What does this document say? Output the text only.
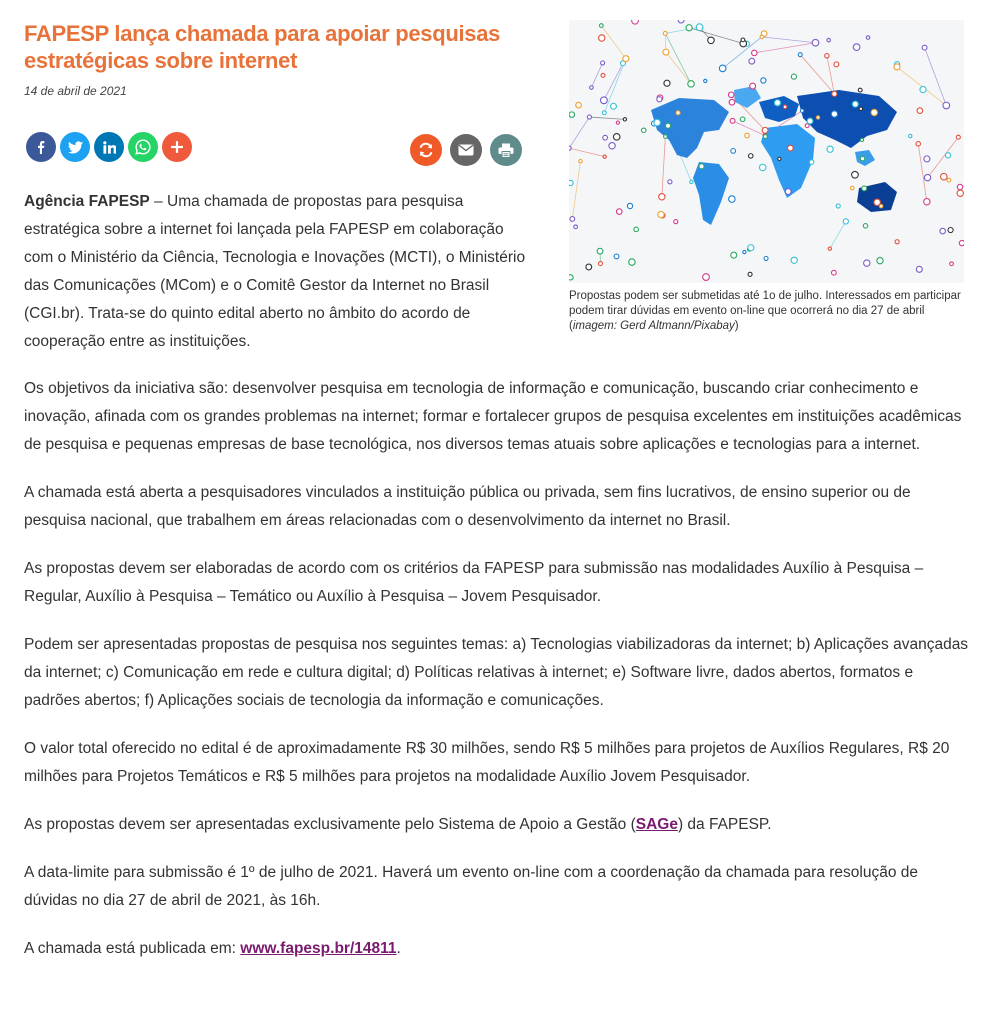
FAPESP lança chamada para apoiar pesquisas estratégicas sobre internet
14 de abril de 2021

Agência FAPESP – Uma chamada de propostas para pesquisa estratégica sobre a internet foi lançada pela FAPESP em colaboração com o Ministério da Ciência, Tecnologia e Inovações (MCTI), o Ministério das Comunicações (MCom) e o Comitê Gestor da Internet no Brasil (CGI.br). Trata-se do quinto edital aberto no âmbito do acordo de cooperação entre as instituições.

Propostas podem ser submetidas até 1o de julho. Interessados em participar podem tirar dúvidas em evento on-line que ocorrerá no dia 27 de abril (imagem: Gerd Altmann/Pixabay)

Os objetivos da iniciativa são: desenvolver pesquisa em tecnologia de informação e comunicação, buscando criar conhecimento e inovação, afinada com os grandes problemas na internet; formar e fortalecer grupos de pesquisa excelentes em instituições acadêmicas de pesquisa e pequenas empresas de base tecnológica, nos diversos temas atuais sobre aplicações e tecnologias para a internet.

A chamada está aberta a pesquisadores vinculados a instituição pública ou privada, sem fins lucrativos, de ensino superior ou de pesquisa nacional, que trabalhem em áreas relacionadas com o desenvolvimento da internet no Brasil.

As propostas devem ser elaboradas de acordo com os critérios da FAPESP para submissão nas modalidades Auxílio à Pesquisa – Regular, Auxílio à Pesquisa – Temático ou Auxílio à Pesquisa – Jovem Pesquisador.

Podem ser apresentadas propostas de pesquisa nos seguintes temas: a) Tecnologias viabilizadoras da internet; b) Aplicações avançadas da internet; c) Comunicação em rede e cultura digital; d) Políticas relativas à internet; e) Software livre, dados abertos, formatos e padrões abertos; f) Aplicações sociais de tecnologia da informação e comunicações.

O valor total oferecido no edital é de aproximadamente R$ 30 milhões, sendo R$ 5 milhões para projetos de Auxílios Regulares, R$ 20 milhões para Projetos Temáticos e R$ 5 milhões para projetos na modalidade Auxílio Jovem Pesquisador.

As propostas devem ser apresentadas exclusivamente pelo Sistema de Apoio a Gestão (SAGe) da FAPESP.

A data-limite para submissão é 1º de julho de 2021. Haverá um evento on-line com a coordenação da chamada para resolução de dúvidas no dia 27 de abril de 2021, às 16h.

A chamada está publicada em: www.fapesp.br/14811.
